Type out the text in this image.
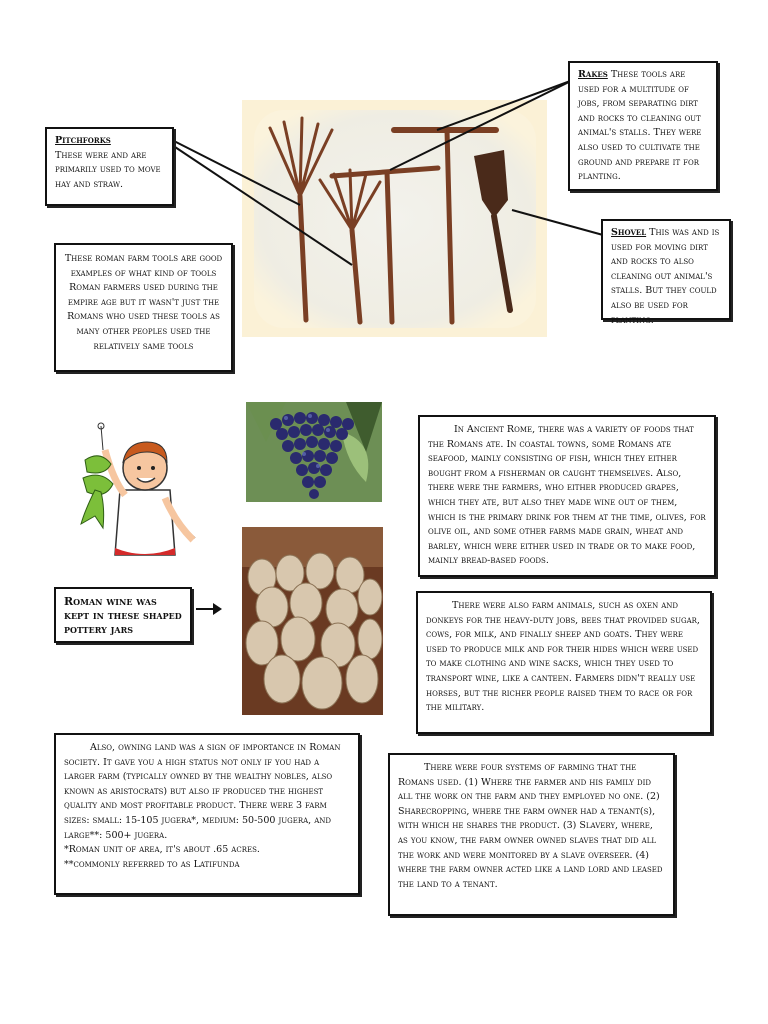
Pitchforks
These were and are primarily used to move hay and straw.
Rakes These tools are used for a multitude of jobs, from separating dirt and rocks to cleaning out animal's stalls. They were also used to cultivate the ground and prepare it for planting.
Shovel This was and is used for moving dirt and rocks to also cleaning out animal's stalls. But they could also be used for planting.
These roman farm tools are good examples of what kind of tools Roman farmers used during the empire age but it wasn't just the Romans who used these tools as many other peoples used the relatively same tools
In Ancient Rome, there was a variety of foods that the Romans ate. In coastal towns, some Romans ate seafood, mainly consisting of fish, which they either bought from a fisherman or caught themselves. Also, there were the farmers, who either produced grapes, which they ate, but also they made wine out of them, which is the primary drink for them at the time, olives, for olive oil, and some other farms made grain, wheat and barley, which were either used in trade or to make food, mainly bread-based foods.
Roman wine was kept in these shaped pottery jars
There were also farm animals, such as oxen and donkeys for the heavy-duty jobs, bees that provided sugar, cows, for milk, and finally sheep and goats. They were used to produce milk and for their hides which were used to make clothing and wine sacks, which they used to transport wine, like a canteen. Farmers didn't really use horses, but the richer people raised them to race or for the military.
Also, owning land was a sign of importance in Roman society. It gave you a high status not only if you had a larger farm (typically owned by the wealthy nobles, also known as aristocrats) but also if produced the highest quality and most profitable product. There were 3 farm sizes: small: 15-105 jugera*, medium: 50-500 jugera, and large**: 500+ jugera.
*Roman unit of area, it's about .65 acres.
**commonly referred to as Latifunda
There were four systems of farming that the Romans used. (1) Where the farmer and his family did all the work on the farm and they employed no one. (2) Sharecropping, where the farm owner had a tenant(s), with which he shares the product. (3) Slavery, where, as you know, the farm owner owned slaves that did all the work and were monitored by a slave overseer. (4) where the farm owner acted like a land lord and leased the land to a tenant.
